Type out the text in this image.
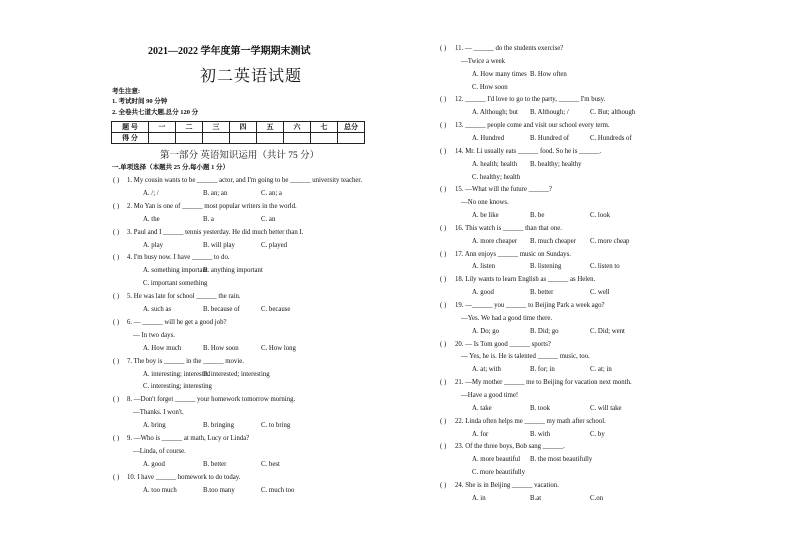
2021—2022 学年度第一学期期末测试
初二英语试题
考生注意:
1. 考试时间 90 分钟
2. 全卷共七道大题,总分 120 分
题 号	一	二	三	四	五	六	七	总分
得 分								
第一部分 英语知识运用（共计 75 分）
一.单项选择（本题共 25 分,每小题 1 分）
( ) 1. My cousin wants to be ______ actor, and I'm going to be ______ university teacher.
A. /; /	B. an; an	C. an; a
( ) 2. Mo Yan is one of ______ most popular writers in the world.
A. the	B. a	C. an
( ) 3. Paul and I ______ tennis yesterday. He did much better than I.
A. play	B. will play	C. played
( ) 4. I'm busy now. I have ______ to do.
A. something important
B. anything important
C. important something
( ) 5. He was late for school ______ the rain.
A. such as	B. because of	C. because
( ) 6. — ______ will he get a good job?
— In two days.
A. How much	B. How soon	C. How long
( ) 7. The boy is ______ in the ______ movie.
A. interesting; interested
B. interested; interesting
C. interesting; interesting
( ) 8. —Don't forget ______ your homework tomorrow morning.
—Thanks. I won't.
A. bring	B. bringing	C. to bring
( ) 9. —Who is ______ at math, Lucy or Linda?
—Linda, of course.
A. good	B. better	C. best
( ) 10. I have ______ homework to do today.
A. too much	B.too many	C. much too
( ) 11. — ______ do the students exercise?
—Twice a week
A. How many times B. How often
C. How soon
( ) 12. ______ I'd love to go to the party, ______ I'm busy.
A. Although; but B. Although; /	C. But; although
( ) 13. ______ people come and visit our school every term.
A. Hundred	B. Hundred of	C. Hundreds of
( ) 14. Mr. Li usually eats ______ food. So he is ______.
A. health; health B. healthy; healthy
C. healthy; health
( ) 15. —What will the future ______?
—No one knows.
A. be like	B. be	C. look
( ) 16. This watch is ______ than that one.
A. more cheaper B. much cheaper C. more cheap
( ) 17. Ann enjoys ______ music on Sundays.
A. listen	B. listening	C. listen to
( ) 18. Lily wants to learn English as ______ as Helen.
A. good	B. better	C. well
( ) 19. —______ you ______ to Beijing Park a week ago?
—Yes. We had a good time there.
A. Do; go	B. Did; go	C. Did; went
( ) 20. — Is Tom good ______ sports?
— Yes, he is. He is talented ______ music, too.
A. at; with	B. for; in	C. at; in
( ) 21. —My mother ______ me to Beijing for vacation next month.
—Have a good time!
A. take	B. took	C. will take
( ) 22. Linda often helps me ______ my math after school.
A. for	B. with	C. by
( ) 23. Of the three boys, Bob sang ______.
A. more beautiful B. the most beautifully
C. more beautifully
( ) 24. She is in Beijing ______ vacation.
A. in	B.at	C.on
